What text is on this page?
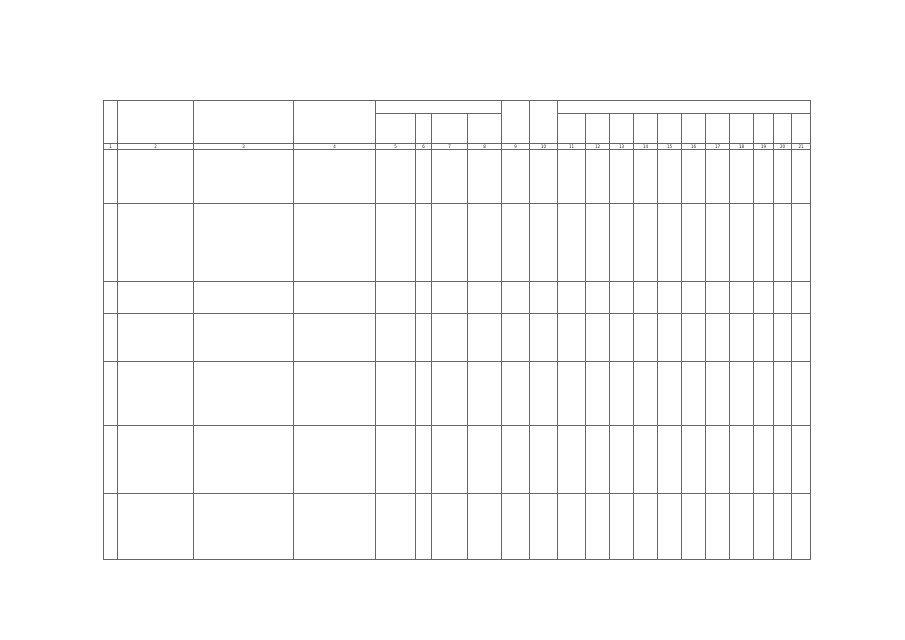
1	2	3	4	5	6	7	8	9	10	11	12	13	14	15	16	17	18	19	20	21
